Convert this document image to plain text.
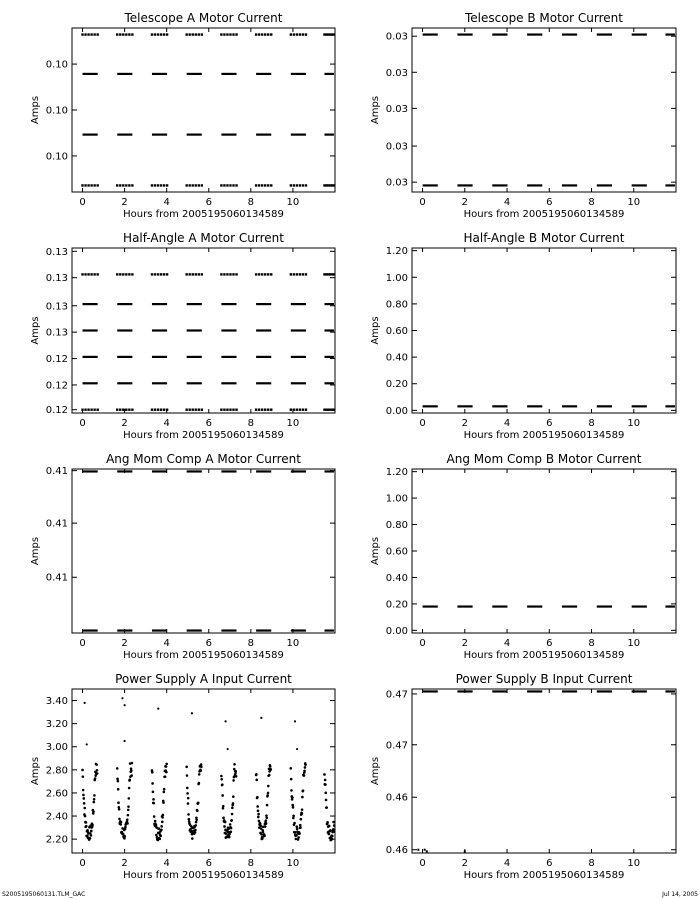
Telescope A Motor Current
Hours from 2005195060134589
Amps
0	2	4	6	8	10
0.10
0.10
0.10
Telescope B Motor Current
Hours from 2005195060134589
Amps
0	2	4	6	8	10
0.03
0.03
0.03
0.03
0.03
Half-Angle A Motor Current
Hours from 2005195060134589
Amps
0	2	4	6	8	10
0.12
0.12
0.12
0.13
0.13
0.13
0.13
Half-Angle B Motor Current
Hours from 2005195060134589
Amps
0	2	4	6	8	10
0.00
0.20
0.40
0.60
0.80
1.00
1.20
Ang Mom Comp A Motor Current
Hours from 2005195060134589
Amps
0	2	4	6	8	10
0.41
0.41
0.41
Ang Mom Comp B Motor Current
Hours from 2005195060134589
Amps
0	2	4	6	8	10
0.00
0.20
0.40
0.60
0.80
1.00
1.20
Power Supply A Input Current
Hours from 2005195060134589
Amps
0	2	4	6	8	10
2.20
2.40
2.60
2.80
3.00
3.20
3.40
Power Supply B Input Current
Hours from 2005195060134589
Amps
0	2	4	6	8	10
0.46
0.46
0.47
0.47
S2005195060131.TLM_GAC	Jul 14, 2005
